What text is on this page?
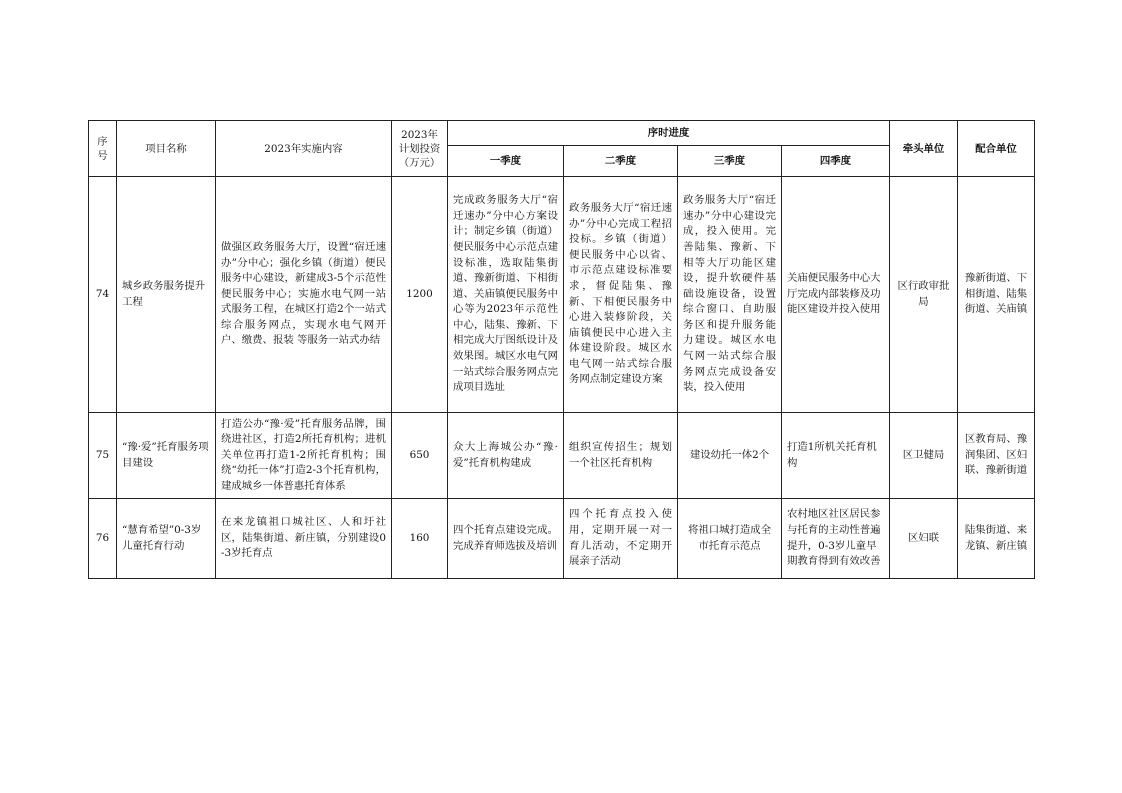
序号	项目名称	2023年实施内容	2023年计划投资（万元）	序时进度				牵头单位	配合单位
				一季度	二季度	三季度	四季度		
74	城乡政务服务提升工程	做强区政务服务大厅，设置“宿迁速办”分中心；强化乡镇（街道）便民服务中心建设，新建成3-5个示范性便民服务中心；实施水电气网一站式服务工程，在城区打造2个一站式综合服务网点，实现水电气网开户、缴费、报装 等服务一站式办结	1200	完成政务服务大厅“宿迁速办”分中心方案设计；制定乡镇（街道）便民服务中心示范点建设标准，选取陆集街道、豫新街道、下相街道、关庙镇便民服务中心等为2023年示范性中心，陆集、豫新、下相完成大厅图纸设计及效果图。城区水电气网一站式综合服务网点完成项目选址	政务服务大厅“宿迁速办”分中心完成工程招投标。乡镇（街道）便民服务中心以省、市示范点建设标准要求，督促陆集、豫新、下相便民服务中心进入装修阶段，关庙镇便民中心进入主体建设阶段。城区水电气网一站式综合服务网点制定建设方案	政务服务大厅“宿迁速办”分中心建设完成，投入使用。完善陆集、豫新、下相等大厅功能区建设，提升软硬件基础设施设备，设置综合窗口、自助服务区和提升服务能力建设。城区水电气网一站式综合服务网点完成设备安装，投入使用	关庙便民服务中心大厅完成内部装修及功能区建设并投入使用	区行政审批局	豫新街道、下相街道、陆集街道、关庙镇
75	“豫·爱”托育服务项目建设	打造公办“豫·爱”托育服务品牌，围绕进社区，打造2所托育机构；进机关单位再打造1-2所托育机构；围绕“幼托一体”打造2-3个托育机构，建成城乡一体普惠托育体系	650	众大上海城公办“豫·爱”托育机构建成	组织宣传招生；规划一个社区托育机构	建设幼托一体2个	打造1所机关托育机构	区卫健局	区教育局、豫润集团、区妇联、豫新街道
76	“慧育希望”0-3岁儿童托育行动	在来龙镇祖口城社区、人和圩社区，陆集街道、新庄镇，分别建设0-3岁托育点	160	四个托育点建设完成。完成养育师选拔及培训	四个托育点投入使用，定期开展一对一育儿活动，不定期开展亲子活动	将祖口城打造成全市托育示范点	农村地区社区居民参与托育的主动性普遍提升，0-3岁儿童早期教育得到有效改善	区妇联	陆集街道、来龙镇、新庄镇
